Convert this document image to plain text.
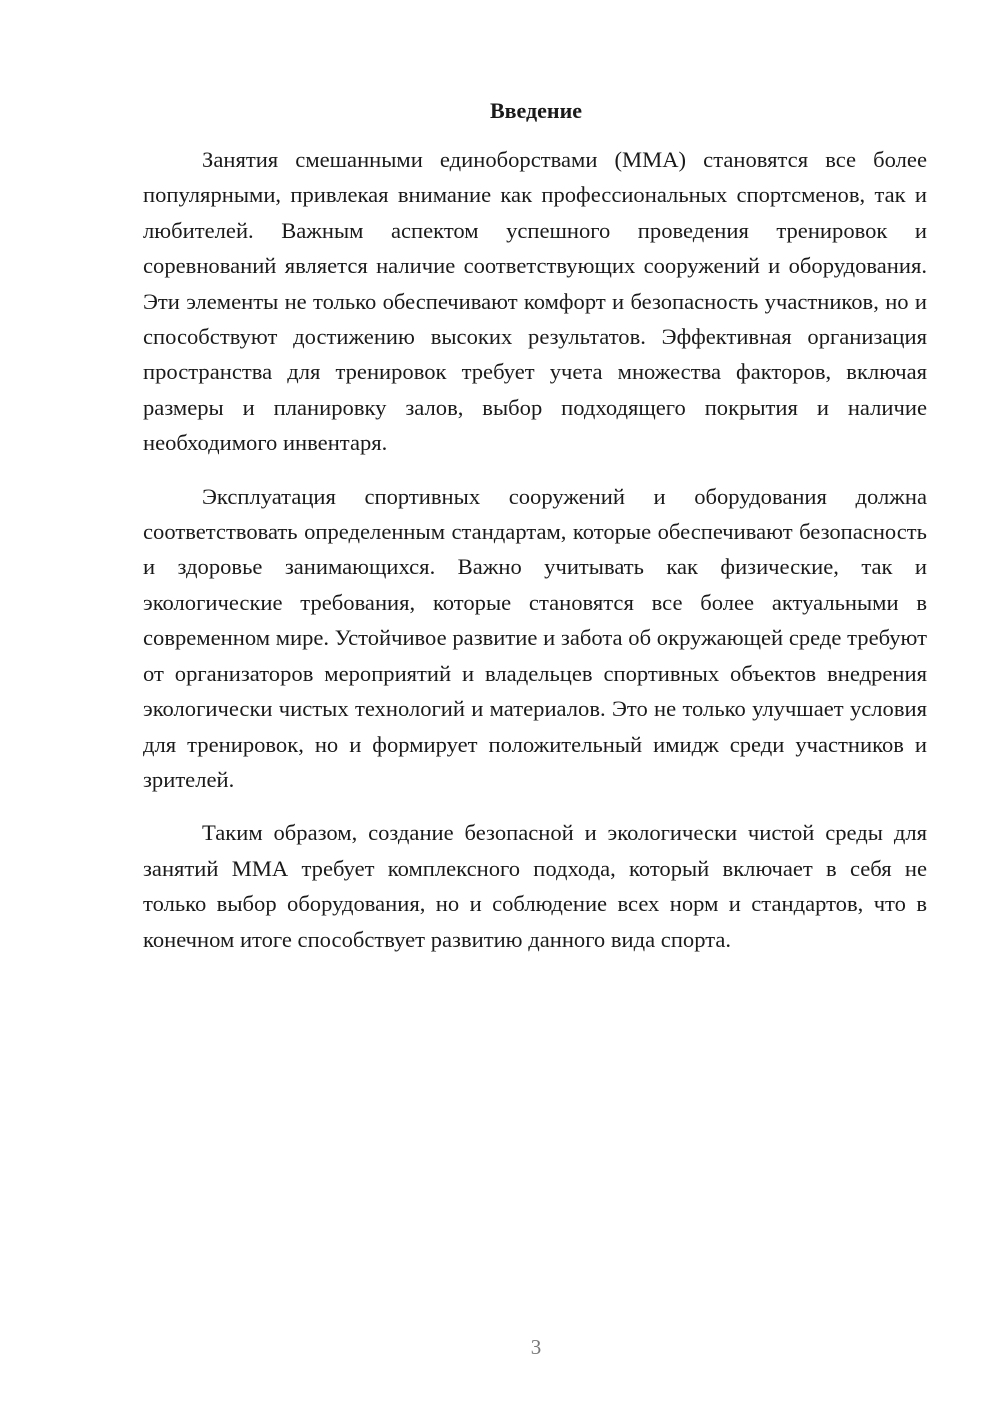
Введение

Занятия смешанными единоборствами (ММА) становятся все более популярными, привлекая внимание как профессиональных спортсменов, так и любителей. Важным аспектом успешного проведения тренировок и соревнований является наличие соответствующих сооружений и оборудования. Эти элементы не только обеспечивают комфорт и безопасность участников, но и способствуют достижению высоких результатов. Эффективная организация пространства для тренировок требует учета множества факторов, включая размеры и планировку залов, выбор подходящего покрытия и наличие необходимого инвентаря.

Эксплуатация спортивных сооружений и оборудования должна соответствовать определенным стандартам, которые обеспечивают безопасность и здоровье занимающихся. Важно учитывать как физические, так и экологические требования, которые становятся все более актуальными в современном мире. Устойчивое развитие и забота об окружающей среде требуют от организаторов мероприятий и владельцев спортивных объектов внедрения экологически чистых технологий и материалов. Это не только улучшает условия для тренировок, но и формирует положительный имидж среди участников и зрителей.

Таким образом, создание безопасной и экологически чистой среды для занятий ММА требует комплексного подхода, который включает в себя не только выбор оборудования, но и соблюдение всех норм и стандартов, что в конечном итоге способствует развитию данного вида спорта.

3
